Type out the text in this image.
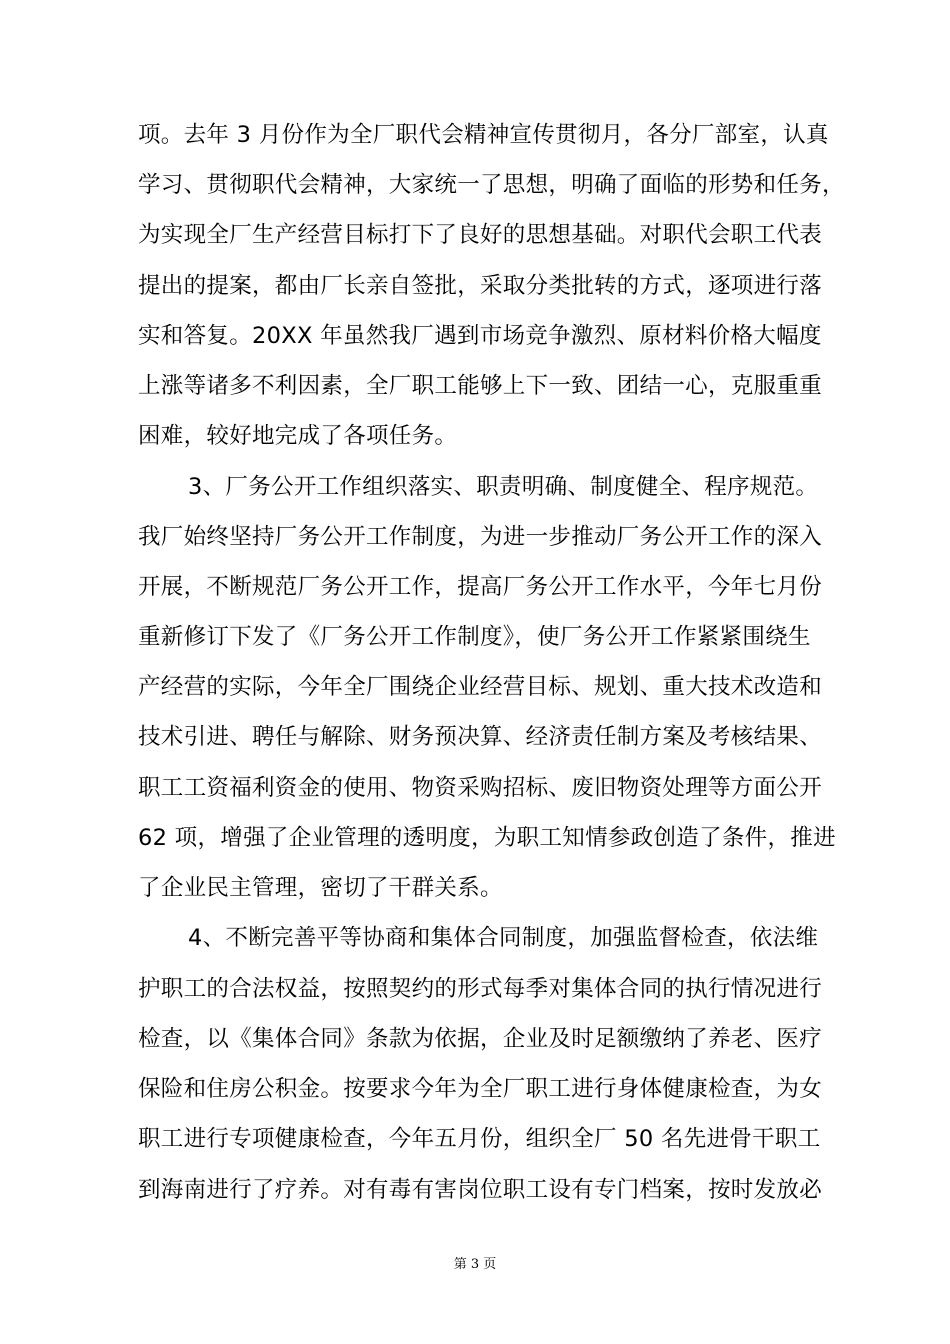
项。去年 3 月份作为全厂职代会精神宣传贯彻月，各分厂部室，认真
学习、贯彻职代会精神，大家统一了思想，明确了面临的形势和任务，
为实现全厂生产经营目标打下了良好的思想基础。对职代会职工代表
提出的提案，都由厂长亲自签批，采取分类批转的方式，逐项进行落
实和答复。20XX 年虽然我厂遇到市场竞争激烈、原材料价格大幅度
上涨等诸多不利因素，全厂职工能够上下一致、团结一心，克服重重
困难，较好地完成了各项任务。
3、厂务公开工作组织落实、职责明确、制度健全、程序规范。
我厂始终坚持厂务公开工作制度，为进一步推动厂务公开工作的深入
开展，不断规范厂务公开工作，提高厂务公开工作水平，今年七月份
重新修订下发了《厂务公开工作制度》，使厂务公开工作紧紧围绕生
产经营的实际，今年全厂围绕企业经营目标、规划、重大技术改造和
技术引进、聘任与解除、财务预决算、经济责任制方案及考核结果、
职工工资福利资金的使用、物资采购招标、废旧物资处理等方面公开
62 项，增强了企业管理的透明度，为职工知情参政创造了条件，推进
了企业民主管理，密切了干群关系。
4、不断完善平等协商和集体合同制度，加强监督检查，依法维
护职工的合法权益，按照契约的形式每季对集体合同的执行情况进行
检查，以《集体合同》条款为依据，企业及时足额缴纳了养老、医疗
保险和住房公积金。按要求今年为全厂职工进行身体健康检查，为女
职工进行专项健康检查，今年五月份，组织全厂 50 名先进骨干职工
到海南进行了疗养。对有毒有害岗位职工设有专门档案，按时发放必
第 3 页
